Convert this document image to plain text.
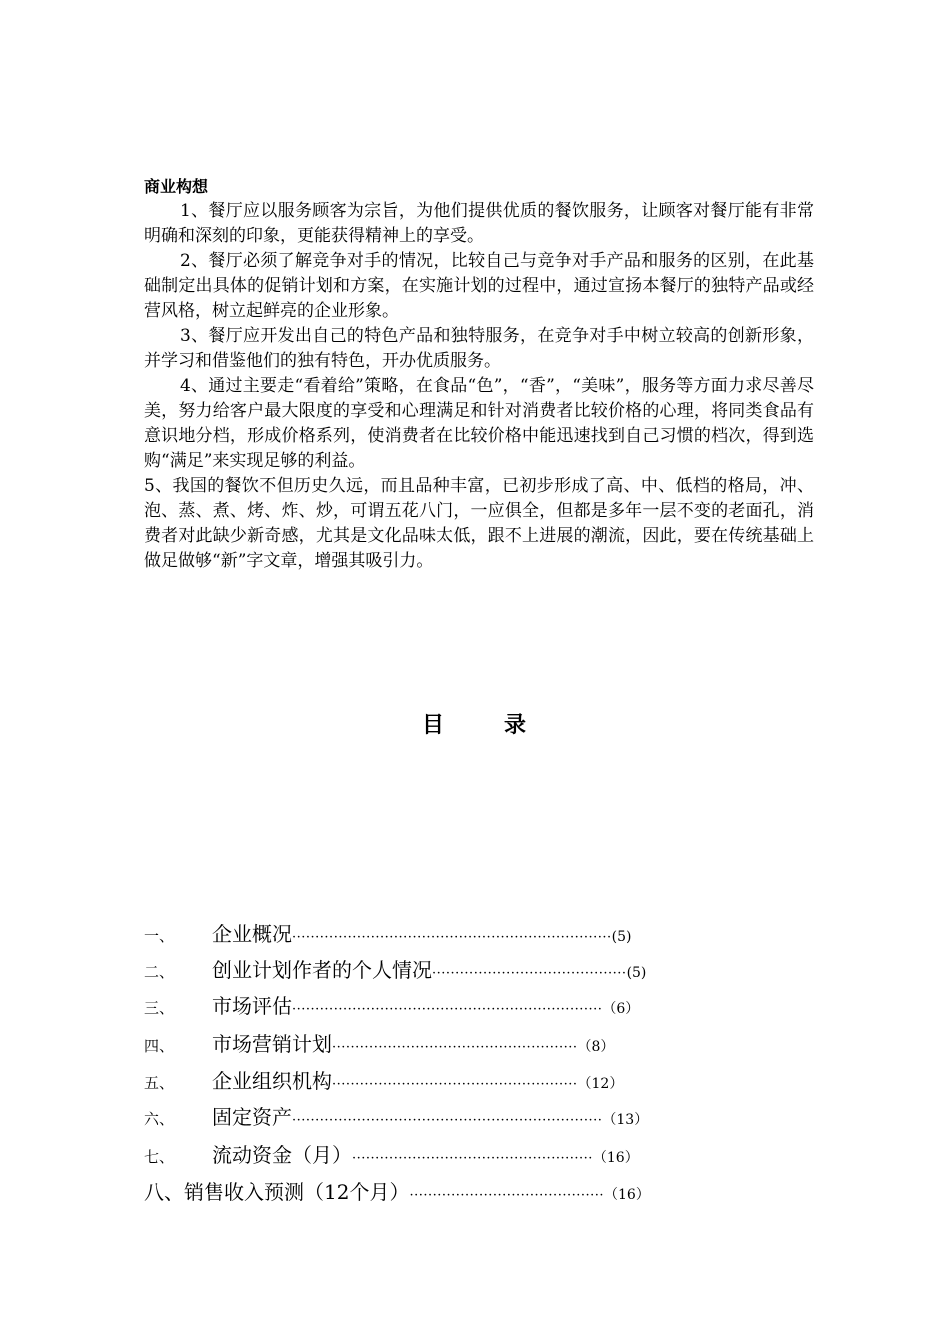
商业构想

1、餐厅应以服务顾客为宗旨，为他们提供优质的餐饮服务，让顾客对餐厅能有非常明确和深刻的印象，更能获得精神上的享受。

2、餐厅必须了解竞争对手的情况，比较自己与竞争对手产品和服务的区别，在此基础制定出具体的促销计划和方案，在实施计划的过程中，通过宣扬本餐厅的独特产品或经营风格，树立起鲜亮的企业形象。

3、餐厅应开发出自己的特色产品和独特服务，在竞争对手中树立较高的创新形象，并学习和借鉴他们的独有特色，开办优质服务。

4、通过主要走“看着给”策略，在食品“色”，“香”，“美味”，服务等方面力求尽善尽美，努力给客户最大限度的享受和心理满足和针对消费者比较价格的心理，将同类食品有意识地分档，形成价格系列，使消费者在比较价格中能迅速找到自己习惯的档次，得到选购“满足”来实现足够的利益。

5、我国的餐饮不但历史久远，而且品种丰富，已初步形成了高、中、低档的格局，冲、泡、蒸、煮、烤、炸、炒，可谓五花八门，一应俱全，但都是多年一层不变的老面孔，消费者对此缺少新奇感，尤其是文化品味太低，跟不上进展的潮流，因此，要在传统基础上做足做够“新”字文章，增强其吸引力。

目	录
一、	企业概况 ····································································· (5)
二、	创业计划作者的个人情况 ·········································· (5)
三、	市场评估 ··································································· （6）
四、	市场营销计划 ····················································· （8）
五、	企业组织机构 ····················································· （12）
六、	固定资产 ··································································· （13）
七、	流动资金（月） ···················································· （16）
八、销售收入预测（12个月） ·········································· （16）
